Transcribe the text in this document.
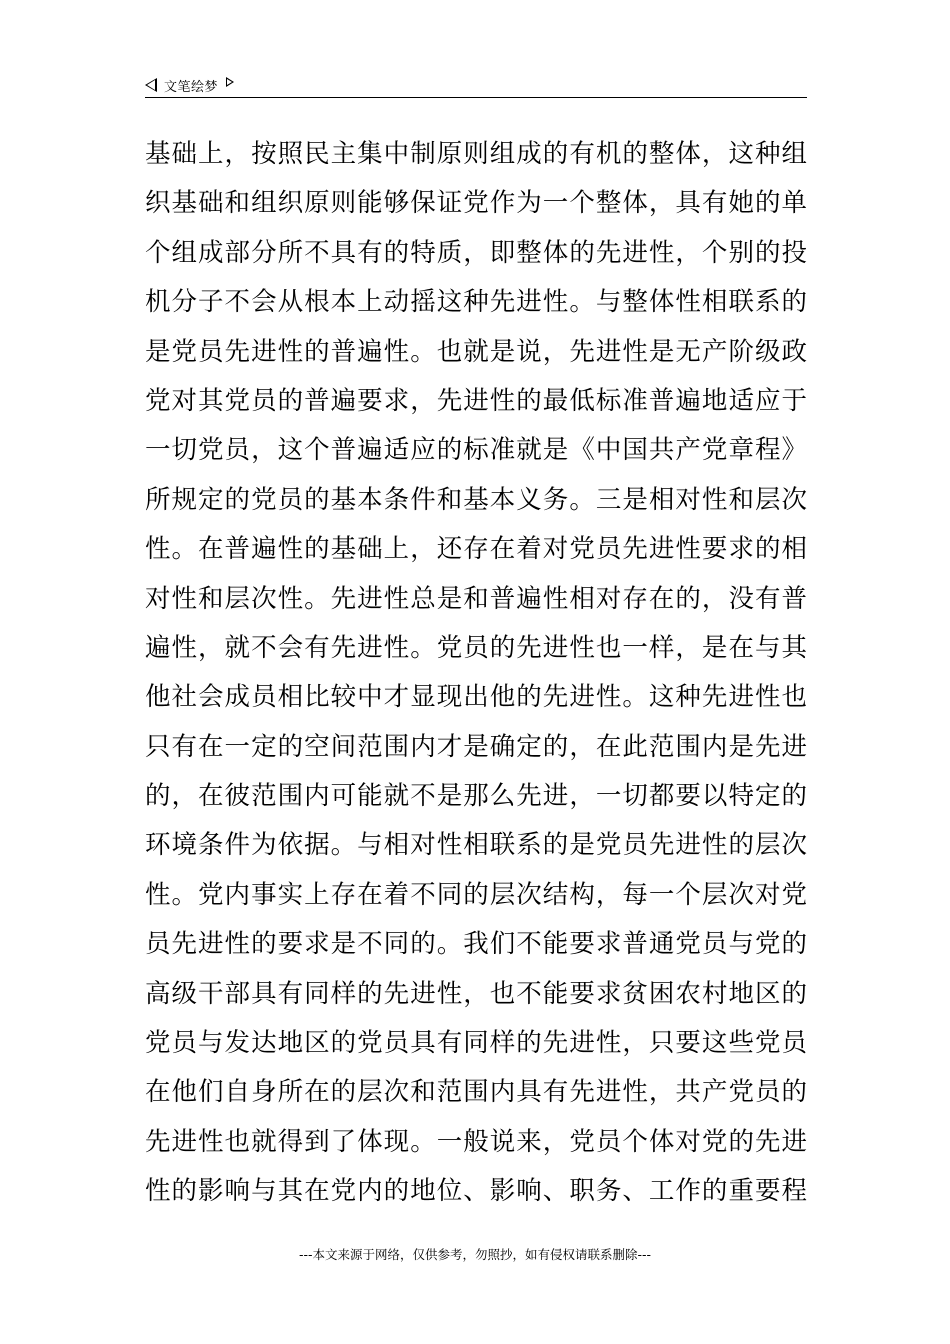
文笔绘梦
基础上，按照民主集中制原则组成的有机的整体，这种组
织基础和组织原则能够保证党作为一个整体，具有她的单
个组成部分所不具有的特质，即整体的先进性，个别的投
机分子不会从根本上动摇这种先进性。与整体性相联系的
是党员先进性的普遍性。也就是说，先进性是无产阶级政
党对其党员的普遍要求，先进性的最低标准普遍地适应于
一切党员，这个普遍适应的标准就是《中国共产党章程》
所规定的党员的基本条件和基本义务。三是相对性和层次
性。在普遍性的基础上，还存在着对党员先进性要求的相
对性和层次性。先进性总是和普遍性相对存在的，没有普
遍性，就不会有先进性。党员的先进性也一样，是在与其
他社会成员相比较中才显现出他的先进性。这种先进性也
只有在一定的空间范围内才是确定的，在此范围内是先进
的，在彼范围内可能就不是那么先进，一切都要以特定的
环境条件为依据。与相对性相联系的是党员先进性的层次
性。党内事实上存在着不同的层次结构，每一个层次对党
员先进性的要求是不同的。我们不能要求普通党员与党的
高级干部具有同样的先进性，也不能要求贫困农村地区的
党员与发达地区的党员具有同样的先进性，只要这些党员
在他们自身所在的层次和范围内具有先进性，共产党员的
先进性也就得到了体现。一般说来，党员个体对党的先进
性的影响与其在党内的地位、影响、职务、工作的重要程
---本文来源于网络，仅供参考，勿照抄，如有侵权请联系删除---
